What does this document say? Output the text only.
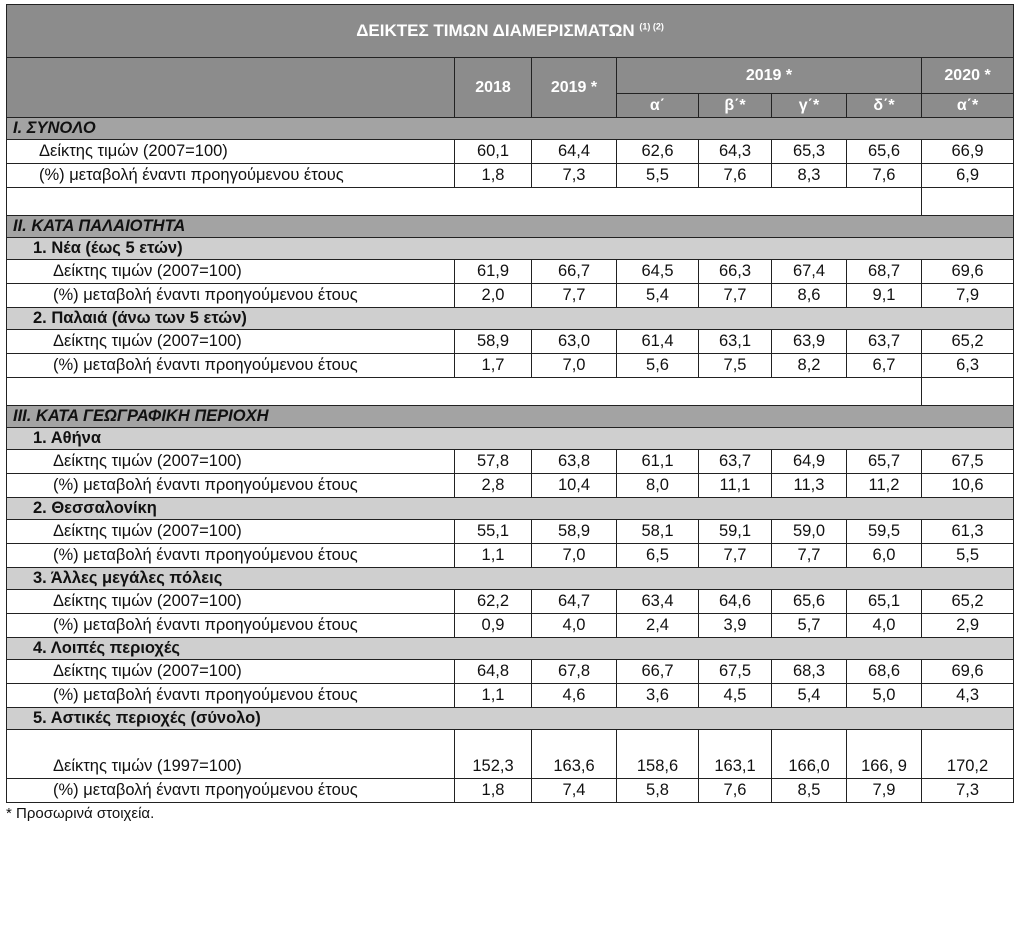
ΔΕΙΚΤΕΣ ΤΙΜΩΝ ΔΙΑΜΕΡΙΣΜΑΤΩΝ $^{(1) (2)}$
	2018	2019 *	2019 *				2020 *
			α΄	β΄*	γ΄*	δ΄*	α΄*
I. ΣΥΝΟΛΟ							
Δείκτης τιμών (2007=100)	60,1	64,4	62,6	64,3	65,3	65,6	66,9
(%) μεταβολή έναντι προηγούμενου έτους	1,8	7,3	5,5	7,6	8,3	7,6	6,9

II. ΚΑΤΑ ΠΑΛΑΙΟΤΗΤΑ							
1. Νέα (έως 5 ετών)							
Δείκτης τιμών (2007=100)	61,9	66,7	64,5	66,3	67,4	68,7	69,6
(%) μεταβολή έναντι προηγούμενου έτους	2,0	7,7	5,4	7,7	8,6	9,1	7,9
2. Παλαιά (άνω των 5 ετών)							
Δείκτης τιμών (2007=100)	58,9	63,0	61,4	63,1	63,9	63,7	65,2
(%) μεταβολή έναντι προηγούμενου έτους	1,7	7,0	5,6	7,5	8,2	6,7	6,3

III. ΚΑΤΑ ΓΕΩΓΡΑΦΙΚΗ ΠΕΡΙΟΧΗ							
1. Αθήνα							
Δείκτης τιμών (2007=100)	57,8	63,8	61,1	63,7	64,9	65,7	67,5
(%) μεταβολή έναντι προηγούμενου έτους	2,8	10,4	8,0	11,1	11,3	11,2	10,6
2. Θεσσαλονίκη							
Δείκτης τιμών (2007=100)	55,1	58,9	58,1	59,1	59,0	59,5	61,3
(%) μεταβολή έναντι προηγούμενου έτους	1,1	7,0	6,5	7,7	7,7	6,0	5,5
3. Άλλες μεγάλες πόλεις							
Δείκτης τιμών (2007=100)	62,2	64,7	63,4	64,6	65,6	65,1	65,2
(%) μεταβολή έναντι προηγούμενου έτους	0,9	4,0	2,4	3,9	5,7	4,0	2,9
4. Λοιπές περιοχές							
Δείκτης τιμών (2007=100)	64,8	67,8	66,7	67,5	68,3	68,6	69,6
(%) μεταβολή έναντι προηγούμενου έτους	1,1	4,6	3,6	4,5	5,4	5,0	4,3
5. Αστικές περιοχές (σύνολο)							
Δείκτης τιμών (1997=100)	152,3	163,6	158,6	163,1	166,0	166, 9	170,2
(%) μεταβολή έναντι προηγούμενου έτους	1,8	7,4	5,8	7,6	8,5	7,9	7,3
* Προσωρινά στοιχεία.
